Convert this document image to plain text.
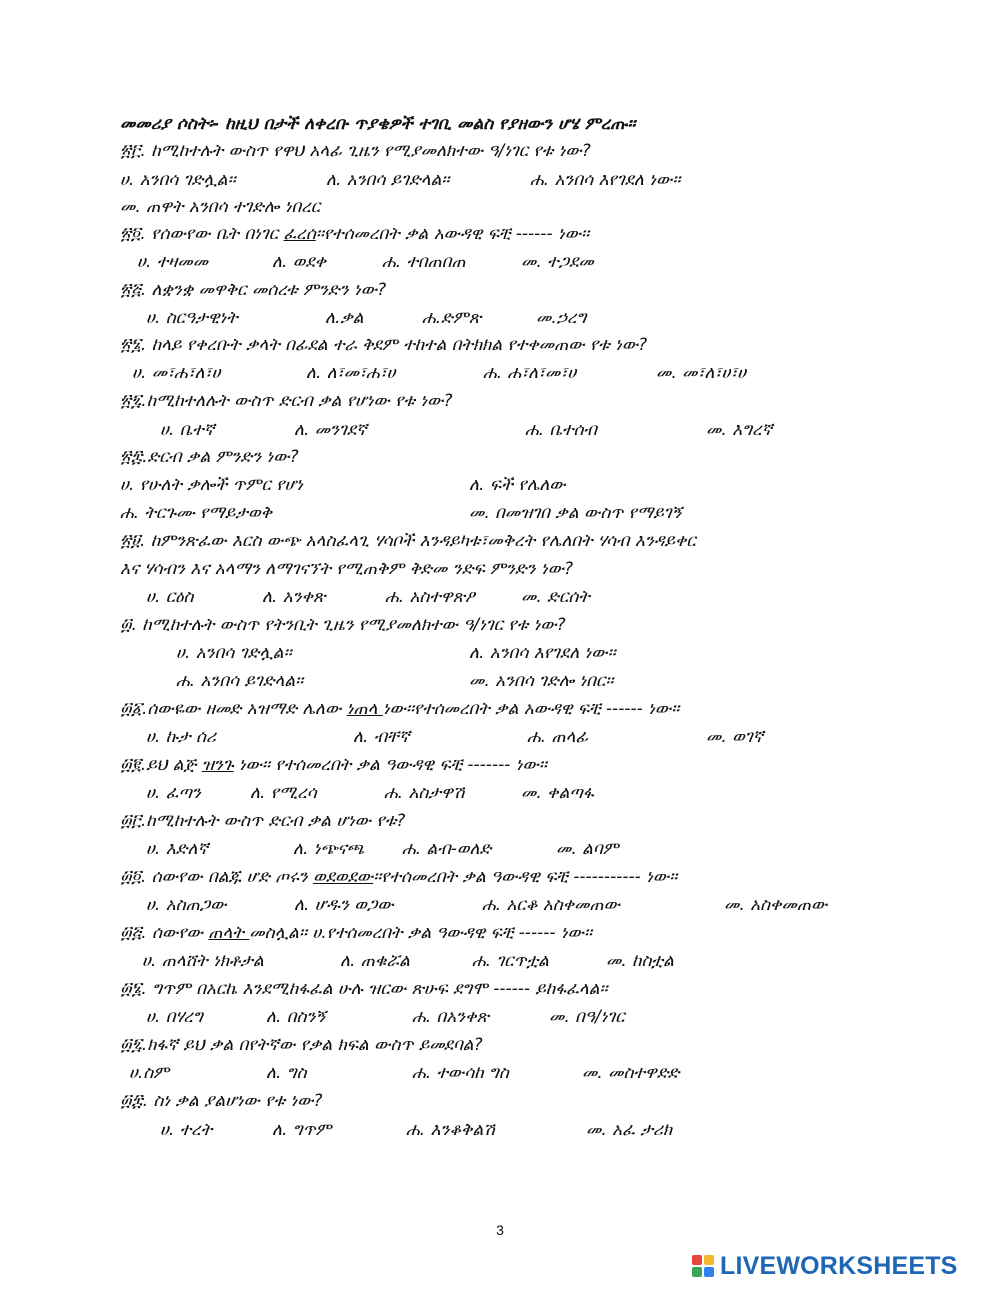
መመሪያ ሶስት፡- ከዚህ በታች ለቀረቡ ጥያቄዎች ተገቢ መልስ የያዘውን ሆሄ ምረጡ፡፡
፳፫. ከሚከተሉት ውስጥ የዋህ አላፊ ጊዜን የሚያመለክተው ዓ/ነገር የቱ ነው?
ሀ. አንበሳ ገድሏል፡፡	ለ. አንበሳ ይገድላል፡፡	ሐ. አንበሳ እየገደለ ነው፡፡
መ. ጠዋት አንበሳ ተገድሎ ነበረር
፳፬. የሰውየው ቤት በነገር ፈረሰ፡፡የተሰመረበት ቃል አውዳዊ ፍቺ ------ ነው፡፡
ሀ. ተዛመመ	ለ. ወደቀ	ሐ. ተበጠበጠ	መ. ተጋደመ
፳፭. ለቋንቋ መዋቅር መሰረቱ ምንድን ነው?
ሀ. ስርዓታዊነት	ለ.ቃል	ሐ.ድምጽ	መ.ኃረግ
፳፮. ከላይ የቀረቡት ቃላት በፊደል ተራ ቅደም ተከተል በትክክል የተቀመጠው የቱ ነው?
ሀ. መ፣ሐ፣ለ፣ሀ	ለ. ለ፣መ፣ሐ፣ሀ	ሐ. ሐ፣ለ፣መ፣ሀ	መ. መ፣ለ፣ሀ፣ሀ
፳፯.ከሚከተለሉት ውስጥ ድርብ ቃል የሆነው የቱ ነው?
ሀ. ቤተኛ	ለ. መንገደኛ	ሐ. ቤተሰብ	መ. እግረኛ
፳፰.ድርብ ቃል ምንድን ነው?
ሀ. የሁለት ቃሎች ጥምር የሆነ	ለ. ፍች የሌለው
ሐ. ትርጉሙ የማይታወቅ	መ. በመዝገበ ቃል ውስጥ የማይገኝ
፳፱. ከምንጽፈው እርስ ውጭ አላስፈላጊ ሃሳቦች እንዳይካቱ፣መቅረት የሌለበት ሃሳብ እንዳይቀር
እና ሃሳብን እና አላማን ለማገናኘት የሚጠቅም ቅድመ ንድፍ ምንድን ነው?
ሀ. ርዕስ	ለ. አንቀጽ	ሐ. አስተዋጽዖ	መ. ድርሰት
፴. ከሚከተሉት ውስጥ የትንቢት ጊዜን የሚያመለክተው ዓ/ነገር የቱ ነው?
ሀ. አንበሳ ገድሏል፡፡	ለ. አንበሳ እየገደለ ነው፡፡
ሐ. አንበሳ ይገድላል፡፡	መ. አንበሳ ገድሎ ነበር፡፡
፴፩.ሰውዬው ዘመድ አዝማድ ሌለው ነጠላ ነው፡፡የተሰመረበት ቃል አውዳዊ ፍቺ ------ ነው፡፡
ሀ. ኩታ ሰሪ	ለ. ብቸኛ	ሐ. ጠላፊ	መ. ወገኛ
፴፪.ይህ ልጅ ዝንጉ ነው፡፡ የተሰመረበት ቃል ዓውዳዊ ፍቺ ------- ነው፡፡
ሀ. ፈጣን	ለ. የሚረሳ	ሐ. አስታዋሽ	መ. ቀልጣፋ
፴፫.ከሚከተሉት ውስጥ ድርብ ቃል ሆነው የቱ?
ሀ. እድለኛ	ለ. ነጭናጫ ሐ. ልብ-ወለድ	መ. ልባም
፴፬. ሰውየው በልጁ ሆድ ጦሩን ወደወደው፡፡የተሰመረበት ቃል ዓውዳዊ ፍቺ ----------- ነው፡፡
ሀ. አስጠጋው	ለ. ሆዱን ወጋው	ሐ. አርቆ አስቀመጠው	መ. አስቀመጠው
፴፭. ሰውየው ጠላት መስሏል፡፡ ሀ.የተሰመረበት ቃል ዓውዳዊ ፍቺ ------ ነው፡፡
ሀ. ጠላሸት ነክቶታል	ለ. ጠቁሯል	ሐ. ገርጥቷል	መ. ከስቷል
፴፮. ግጥም በአርኬ እንደሚከፋፈል ሁሉ ዝርው ጽሁፍ ደግሞ ------ ይከፋፈላል፡፡
ሀ. በሃረግ	ለ. በስንኝ	ሐ. በአንቀጽ	መ. በዓ/ነገር
፴፯.ክፋኛ ይህ ቃል በየትኛው የቃል ክፍል ውስጥ ይመደባል?
ሀ.ስም	ለ. ግስ	ሐ. ተውሳከ ግስ	መ. መስተዋድድ
፴፰. ስነ ቃል ያልሆነው የቱ ነው?
ሀ. ተረት	ለ. ግጥም	ሐ. እንቆቅልሽ	መ. አፈ ታሪክ
3
LIVEWORKSHEETS
